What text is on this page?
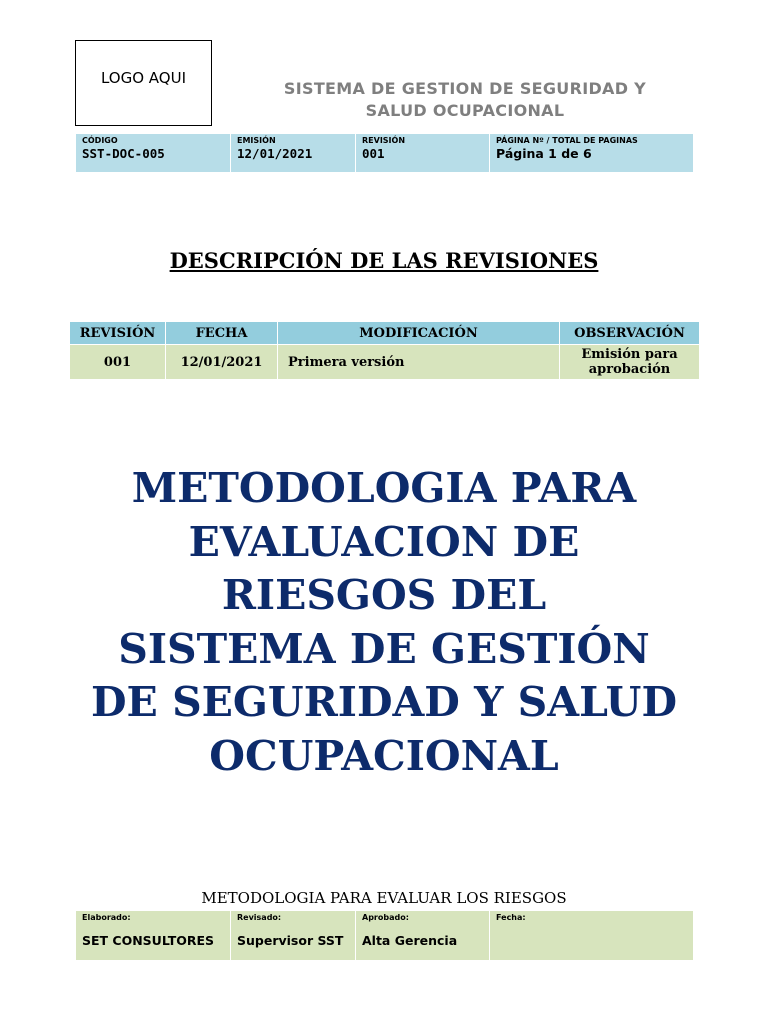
LOGO AQUI
SISTEMA DE GESTION DE SEGURIDAD Y
SALUD OCUPACIONAL
CÓDIGO
SST-DOC-005

EMISIÓN
12/01/2021

REVISIÓN
001

PÁGINA Nº / TOTAL DE PAGINAS
Página 1 de 6
DESCRIPCIÓN DE LAS REVISIONES
REVISIÓN	FECHA	MODIFICACIÓN	OBSERVACIÓN
001	12/01/2021	Primera versión	Emisión para aprobación
METODOLOGIA PARA
EVALUACION DE
RIESGOS DEL
SISTEMA DE GESTIÓN
DE SEGURIDAD Y SALUD
OCUPACIONAL
METODOLOGIA PARA EVALUAR LOS RIESGOS
Elaborado:
SET CONSULTORES

Revisado:
Supervisor SST

Aprobado:
Alta Gerencia

Fecha:
